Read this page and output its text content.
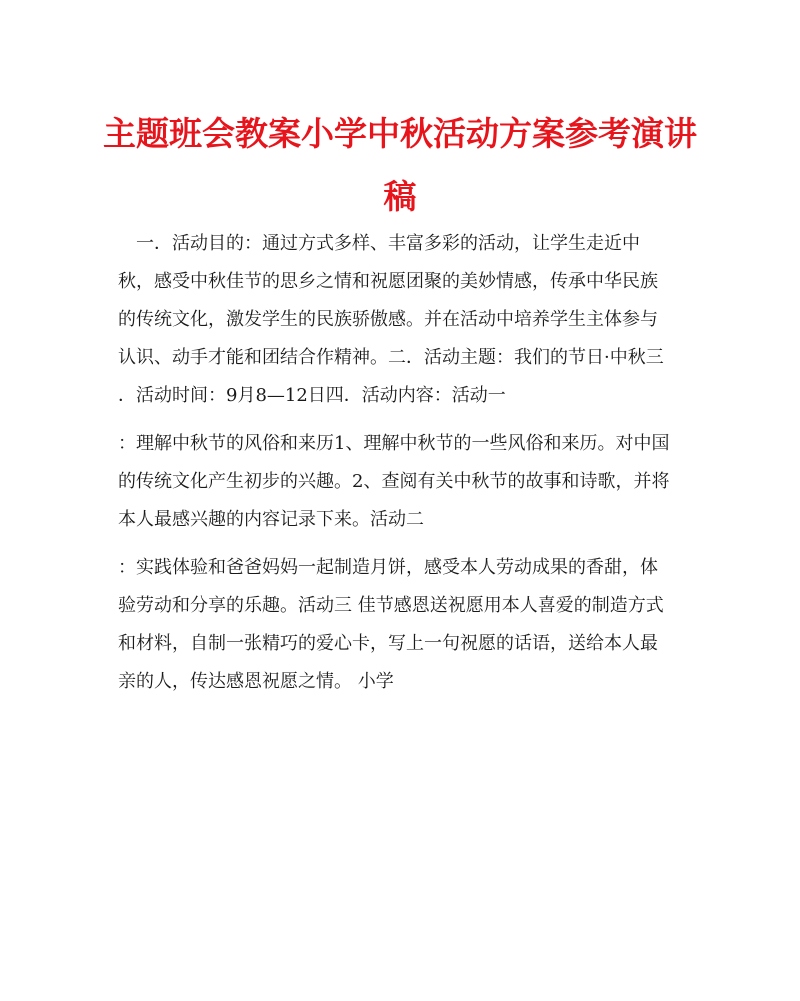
主题班会教案小学中秋活动方案参考演讲
稿

　一．活动目的：通过方式多样、丰富多彩的活动，让学生走近中

秋，感受中秋佳节的思乡之情和祝愿团聚的美妙情感，传承中华民族

的传统文化，激发学生的民族骄傲感。并在活动中培养学生主体参与

认识、动手才能和团结合作精神。二．活动主题：我们的节日·中秋三

．活动时间：9月8—12日四．活动内容：活动一

：理解中秋节的风俗和来历1、理解中秋节的一些风俗和来历。对中国

的传统文化产生初步的兴趣。2、查阅有关中秋节的故事和诗歌，并将

本人最感兴趣的内容记录下来。活动二

：实践体验和爸爸妈妈一起制造月饼，感受本人劳动成果的香甜，体

验劳动和分享的乐趣。活动三 佳节感恩送祝愿用本人喜爱的制造方式

和材料，自制一张精巧的爱心卡，写上一句祝愿的话语，送给本人最

亲的人，传达感恩祝愿之情。 小学
